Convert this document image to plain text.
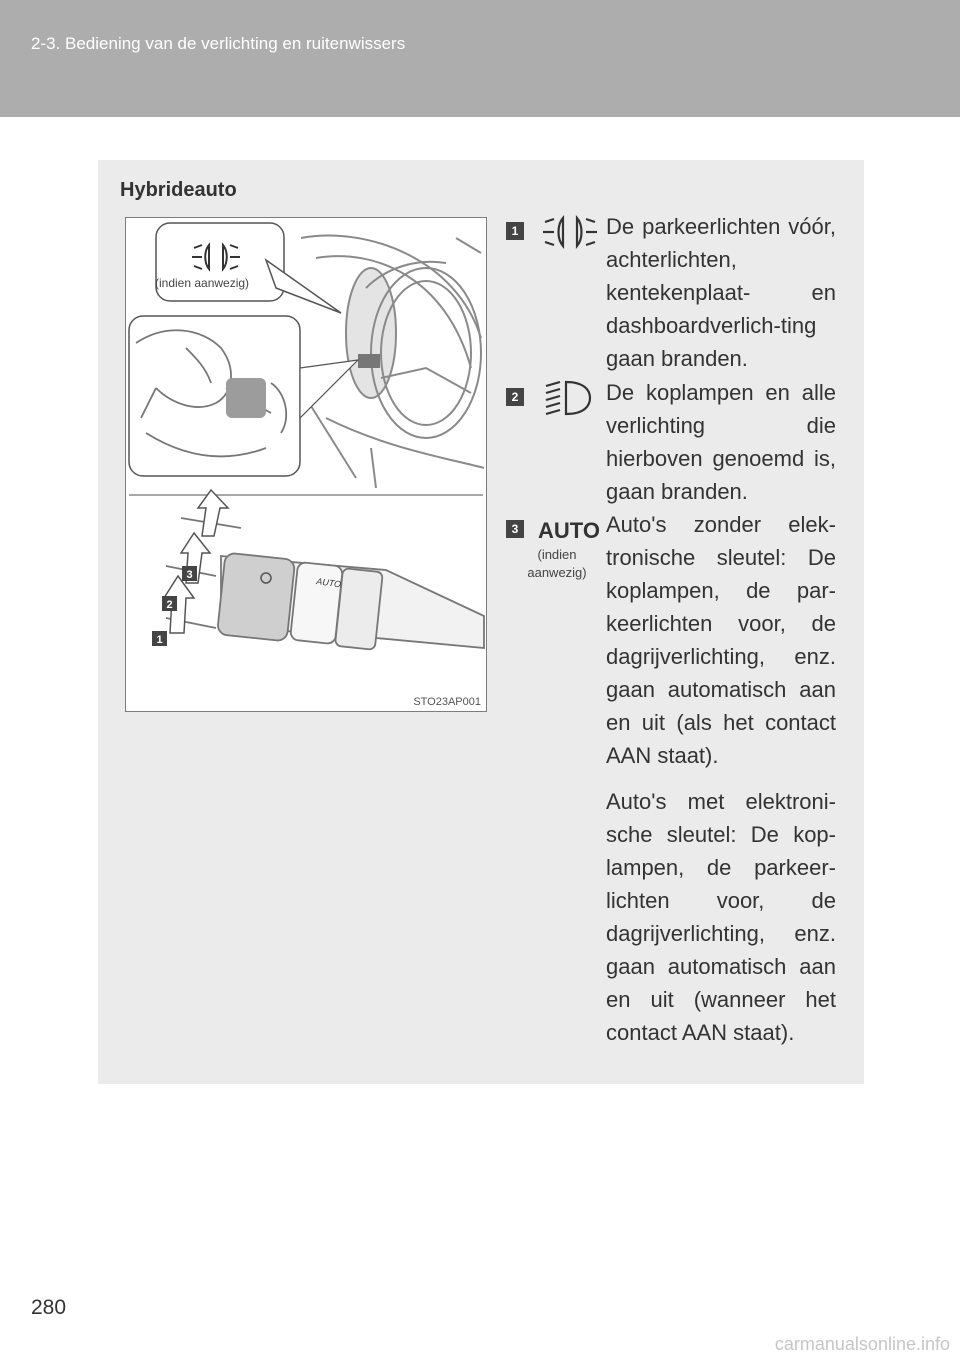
2-3. Bediening van de verlichting en ruitenwissers
Hybrideauto
AUTO
1
2
3
(indien aanwezig)
STO23AP001
1	De parkeerlichten vóór, achterlichten, kentekenplaat- en dashboardverlich-ting gaan branden.

2	De koplampen en alle verlichting die hierboven genoemd is, gaan branden.

3 AUTO
(indien aanwezig)

Auto's zonder elek-tronische sleutel: De koplampen, de par-keerlichten voor, de dagrijverlichting, enz. gaan automatisch aan en uit (als het contact AAN staat).

Auto's met elektroni-sche sleutel: De kop-lampen, de parkeer-lichten voor, de dagrijverlichting, enz. gaan automatisch aan en uit (wanneer het contact AAN staat).

280
carmanualsonline.info
